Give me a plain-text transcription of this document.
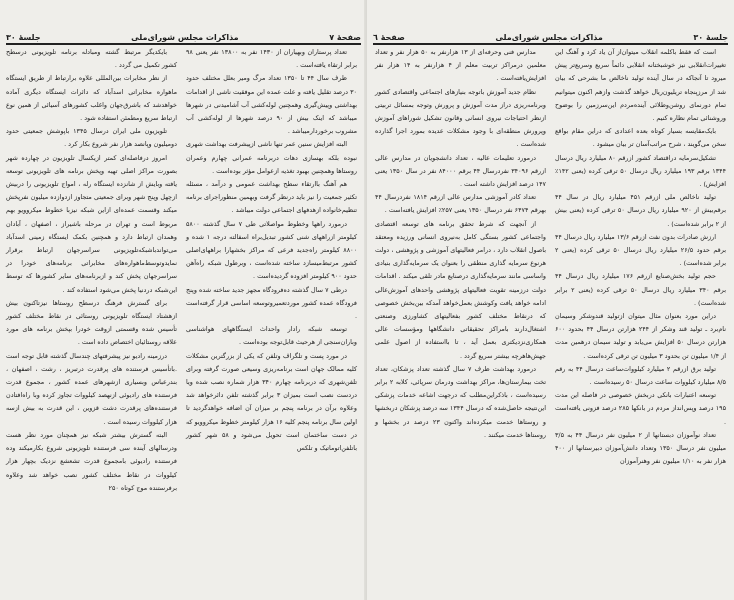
صفحهٔ ۷
مذاکرات مجلس شورای‌ملی
جلسهٔ ۳۰

تعداد پرستاران وبهیاران از ۱۴۳۰ نفر به ۱۳۸۰۰ نفر یعنی ۹۸ برابر ارتقاء یافته‌است .

ظرف سال ۴۴ تا ۱۳۵۰ تعداد مرگ ومیر بعلل مختلف حدود ۳۰ درصد تقلیل یافته و علت عمده این موفقیت ناشی از اقدامات بهداشتی وپیش‌گیری وهمچنین لوله‌کشی آب آشامیدنی در شهرها میباشد که اینک بیش از ۹۰ درصد شهرها از لوله‌کشی آب مشروب برخوردارمیباشد .

البته افزایش سنین عمر تنها ناشی ازپیشرفت بهداشت شهری نبوده بلکه بهسازی دهات دربرنامه عمرانی چهارم وعمران روستاها وهمچنین بهبود تغذیه ازعوامل مؤثر بوده‌است .

هم آهنگ باارتقاء سطح بهداشت عمومی و درآمد ، مسئله تکثیر جمعیت را نیز باید درنظر گرفت وبهمین منظوراجرای برنامه تنظیم‌خانواده ازهدفهای اجتماعی دولت میباشد .

درمورد راهها وخطوط مواصلاتی طی ۷ سال گذشته ۵۸۰۰ کیلومتر ازراههای شنی کشور تبدیل‌براه اسفالته درجه ۱ شده و ۸۸۰۰ کیلومتر راه‌جدید فرعی که مراکز بخشهارا براههای‌اصلی کشور مرتبط‌میسازد ساخته شده‌است ، وبرطول شبکه راه‌آهن حدود ۹۰۰ کیلومتر افزوده گردیده‌است .

درطی ۷ سال گذشته ده‌فرودگاه مجهز جدید ساخته شده وپنج فرودگاه عمده کشور موردتعمیروتوسعه اساسی قرار گرفته‌است .

توسعه شبکه رادار واحداث ایستگاههای هواشناسی وباران‌سنجی از هرحیث قابل‌توجه بوده‌است .

در مورد پست و تلگراف وتلفن که یکی از بزرگترین مشکلات کلیه ممالک جهان است برنامه‌ریزی وسیعی صورت گرفته وبرای تلفن‌شهری که دربرنامه چهارم ۳۴۰ هزار شماره نصب شده ویا دردست نصب است بمیزان ۳ برابر گذشته تلفن دائرخواهد شد وعلاوه برآن در برنامه پنجم بر میزان آن اضافه خواهدگردید تا اولین سال برنامه پنجم کلیه ۱۶ هزار کیلومتر خطوط میکروویو که در دست ساختمان است تحویل می‌شود و ۵۸ شهر کشور باتلفن‌اتوماتیک و تلکس

بایکدیگر مرتبط گشته ومبادله برنامه تلویزیونی درسطح کشور تکمیل می گردد .

از نظر مخابرات بین‌المللی علاوه برارتباط از طریق ایستگاه ماهواره مخابراتی اسدآباد که دائرات ایستگاه دیگری آماده خواهدشد که باشرق‌جهان واغلب کشورهای آسیائی از همین نوع ارتباط سریع ومطمئن استفاده شود .

تلویزیون ملی ایران درسال ۱۳۴۵ باپوشش جمعیتی حدود دومیلیون وپانصد هزار نفر شروع بکار کرد .

امروز درفاصله‌ای کمتر ازیکسال تلویزیون در چهارده شهر بصورت مراکز اصلی تهیه وپخش برنامه های تلویزیونی توسعه یافته وبایش از شانزده ایستگاه رله ، امواج تلویزیونی را دربیش ازچهل وپنج شهر وبرای جمعیتی متجاوز ازدوازده میلیون نفرپخش میکند وقسمت عمده‌ای ازاین شبکه نیزبا خطوط میکروویو بهم مربوط است و تهران در مرحله باشیراز ، اصفهان ، آبادان وهمدان ارتباط دارد و همچنین بکمک ایستگاه زمینی اسدآباد می‌تواندباشبکه‌تلویزیونی سراسرجهان ارتباط برقرار نمایدوتوسط‌ماهواره‌های مخابراتی برنامه‌های خودرا در سراسرجهان پخش کند و ازبرنامه‌های سایر کشورها که توسط این‌شبکه دردنیا پخش می‌شود استفاده کند .

برای گسترش فرهنگ درسطح روستاها نیزتاکنون بیش ازهشتاد ایستگاه تلویزیونی روستائی در نقاط مختلف کشور تأسیس شده وقسمتی ازوقت خودرا بپخش برنامه های مورد علاقه روستائیان اختصاص داده است .

درزمینه رادیو نیز پیشرفتهای چندسال گذشته قابل توجه است .باتأسیس فرستنده های پرقدرت درتبریز ، رشت ، اصفهان ، بندرعباس وبسیاری ازشهرهای عمده کشور ، مجموع قدرت فرستنده های رادیوئی ازنهصد کیلووات تجاوز کرده وبا راه‌افتادن فرستنده‌های پرقدرت دشت قزوین ، این قدرت به بیش ازسه هزار کیلووات رسیده است .

البته گسترش بیشتر شبکه نیز همچنان مورد نظر هست ودرسالهای آینده سی فرستنده تلویزیونی شروع بکارمیکند وده فرستنده رادیوئی بامجموع قدرت تشعشع نزدیک بچهار هزار کیلووات در نقاط مختلف کشور نصب خواهد شد وعلاوه برفرستنده موج کوتاه ۲۵۰

جلسهٔ ۳۰
مذاکرات مجلس شورای‌ملی
صفحهٔ ٦

است که فقط باکلمه انقلاب میتوان‌از آن یاد کرد و آهنگ این تغییرات‌انقلابی نیز خوشبختانه انقلابی دائماً سریع‌ وسریع‌تر پیش میرود تا آنجاکه در سال آینده تولید ناخالص ما بشرحی که بیان شد از مرزپنجاه تریلیون‌ریال خواهد گذشت وازهم اکنون میتوانیم تمام دورنمای روشن‌وطلائی آینده‌مردم این‌سرزمین را بوضوح وروشنائی تمام نظاره کنیم .

بایک‌مقایسه بسیار کوتاه بعده اعدادی که دراین مقام بواقع سخن می‌گویند ، شرح مراتب‌آسان تر بیان میشود .

تشکیل‌سرمایه دراقتصاد کشور ازرقم ۸۰ میلیارد ریال درسال ۱۳۴۴ برقم ۱۹۳ میلیارد ریال درسال ۵۰ ترقی کرده (یعنی ۱۴۲٪ افزایش) .

تولید ناخالص ملی ازرقم ۴۵۱ میلیارد ریال در سال ۴۴ برقم‌بیش از ۹۲۰ میلیارد ریال درسال ۵۰ ترقی کرده (یعنی بیش از ۲ برابر شده‌است) .

ارزش صادرات بدون نفت ازرقم ۱۳/۶ میلیارد ریال درسال ۴۴ برقم حدود ۲۶/۵ میلیارد ریال درسال ۵۰ ترقی کرده (یعنی ۲ برابر شده‌است) .

حجم تولید بخش‌صنایع ازرقم ۱۷۶ میلیارد ریال درسال ۴۴ برقم ۳۴۰ میلیارد ریال درسال ۵۰ ترقی کرده (یعنی ۲ برابر شده‌است) .

دراین مورد بعنوان مثال میتوان ازتولید قندوشکر وسیمان نام‌برد ـ تولید قند وشکر از ۲۴۴ هزارتن درسال ۴۴ بحدود ۶۰۰ هزارتن درسال ۵۰ افزایش می‌یابد و تولید سیمان درهمین مدت از ۱/۴ میلیون تن بحدود ۳ میلیون تن ترقی کرده‌است .

تولید برق ازرقم ۲ میلیارد کیلووات‌ساعت درسال ۴۴ به رقم ۸/۵ میلیارد کیلووات ساعت درسال ۵۰ رسیده‌است .

توسعه اعتبارات بانکی دربخش خصوصی در فاصله این مدت ۱۹۵ درصد وپس‌انداز مردم در بانکها ۲۸۵ درصد فزونی یافته‌است .

تعداد نوآموزان دبستانها از ۲ میلیون نفر درسال ۴۴ به ۳/۵ میلیون نفر درسال ۱۳۵۰ وتعداد دانش‌آموزان دبیرستانها از ۴۰۰ هزار نفر به ۱/۱۰ میلیون نفر وهنرآموزان

مدارس فنی وحرفه‌ای از ۱۳ هزارنفر به ۵۰ هزار نفر و تعداد معلمین درمراکز تربیت معلم از ۴ هزارنفر به ۱۴ هزار نفر افزایش‌یافته‌است .

نظام جدید آموزش باتوجه بنیازهای اجتماعی واقتصادی کشور وبرنامه‌ریزی دراز مدت آموزش و پرورش وتوجه بمسائل تربیتی ازنظر احتیاجات نیروی انسانی وقانون تشکیل شوراهای آموزش وپرورش منطقه‌ای با وجود مشکلات عدیده بمورد اجرا گذارده شده‌است .

درمورد تعلیمات عالیه ، تعداد دانشجویان در مدارس عالی ازرقم ۳۴۰۹۶ نفردرسال ۴۴ برقم ۸۴۰۰۰ نفر در سال ۱۳۵۰ یعنی ۱۴۷ درصد افزایش داشته است .

تعداد کادر آموزشی مدارس عالی ازرقم ۱۸۱۴ نفردرسال ۴۴ بهرقم ۶۴۷۴ نفر درسال ۱۳۵۰ یعنی ۲۵۷٪ افزایش یافته‌است .

از آنجهت که شرط تحقق برنامه های توسعه اقتصادی واجتماعی کشور بستگی کامل به‌نیروی انسانی ورزیده ومعتقد باصول انقلاب دارد ، درامر فعالیتهای آموزشی و پژوهشی ، دولت هرنوع سرمایه گذاری منطقی را بعنوان یک سرمایه‌گذاری بنیادی واساسی مانند سرمایه‌گذاری درصنایع مادر تلقی میکند . اقدامات دولت درزمینه تقویت فعالیتهای پژوهشی واحدهای آموزش‌عالی ادامه خواهد یافت وکوشش بعمل‌خواهد آمدکه بین‌بخش خصوصی که درنقاط مختلف کشور بفعالیتهای کشاورزی وصنعتی اشتغال‌دارند بامراکز تحقیقاتی دانشگاهها ومؤسسات عالی همکاری‌نزدیکتری بعمل آید ، تا بااستفاده از اصول علمی جهش‌هاهرچه بیشتر سریع گردد .

درمورد بهداشت ظرف ۷ سال گذشته تعداد پزشکان، تعداد تخت بیمارستان‌ها، مراکز بهداشت ودرمان سرپائی، کلابه ۲ برابر رسیده‌است ، باذکراین‌مطلب که درجهت اشاعه خدمات پزشکی این‌نتیجه حاصل‌شده که درسال ۱۳۴۴ سه درصد پزشکان دربخشها و روستاها خدمت میکرده‌اند واکنون ۲۳ درصد در بخشها و روستاها خدمت میکنند .
